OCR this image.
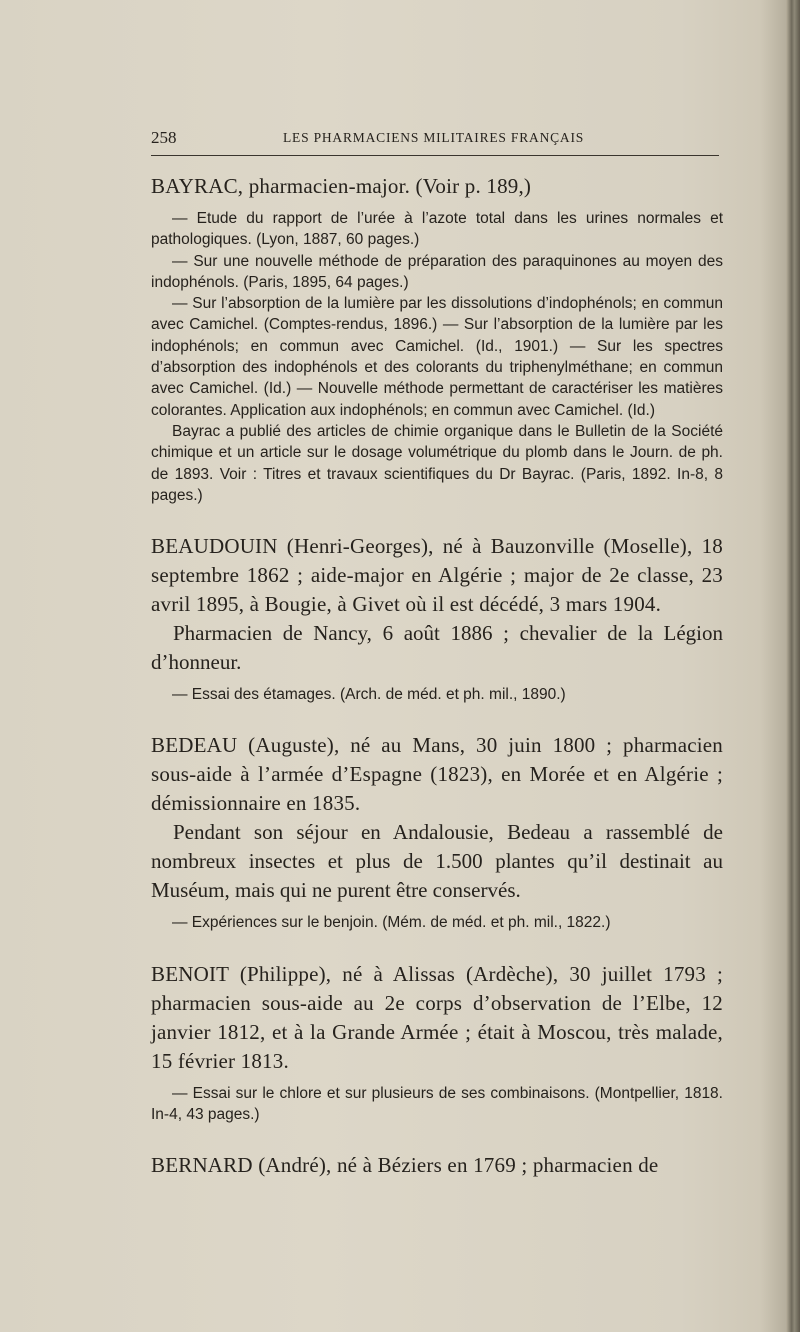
258	LES PHARMACIENS MILITAIRES FRANÇAIS

BAYRAC, pharmacien-major. (Voir p. 189,)

— Etude du rapport de l’urée à l’azote total dans les urines normales et pathologiques. (Lyon, 1887, 60 pages.)

— Sur une nouvelle méthode de préparation des paraquinones au moyen des indophénols. (Paris, 1895, 64 pages.)

— Sur l’absorption de la lumière par les dissolutions d’indophénols; en commun avec Camichel. (Comptes-rendus, 1896.) — Sur l’absorption de la lumière par les indophénols; en commun avec Camichel. (Id., 1901.) — Sur les spectres d’absorption des indophénols et des colorants du triphenylméthane; en commun avec Camichel. (Id.) — Nouvelle méthode permettant de caractériser les matières colorantes. Application aux indophénols; en commun avec Camichel. (Id.)

Bayrac a publié des articles de chimie organique dans le Bulletin de la Société chimique et un article sur le dosage volumétrique du plomb dans le Journ. de ph. de 1893. Voir : Titres et travaux scientifiques du Dr Bayrac. (Paris, 1892. In-8, 8 pages.)

BEAUDOUIN (Henri-Georges), né à Bauzonville (Moselle), 18 septembre 1862 ; aide-major en Algérie ; major de 2e classe, 23 avril 1895, à Bougie, à Givet où il est décédé, 3 mars 1904.

Pharmacien de Nancy, 6 août 1886 ; chevalier de la Légion d’honneur.

— Essai des étamages. (Arch. de méd. et ph. mil., 1890.)

BEDEAU (Auguste), né au Mans, 30 juin 1800 ; pharmacien sous-aide à l’armée d’Espagne (1823), en Morée et en Algérie ; démissionnaire en 1835.

Pendant son séjour en Andalousie, Bedeau a rassemblé de nombreux insectes et plus de 1.500 plantes qu’il destinait au Muséum, mais qui ne purent être conservés.

— Expériences sur le benjoin. (Mém. de méd. et ph. mil., 1822.)

BENOIT (Philippe), né à Alissas (Ardèche), 30 juillet 1793 ; pharmacien sous-aide au 2e corps d’observation de l’Elbe, 12 janvier 1812, et à la Grande Armée ; était à Moscou, très malade, 15 février 1813.

— Essai sur le chlore et sur plusieurs de ses combinaisons. (Montpellier, 1818. In-4, 43 pages.)

BERNARD (André), né à Béziers en 1769 ; pharmacien de
